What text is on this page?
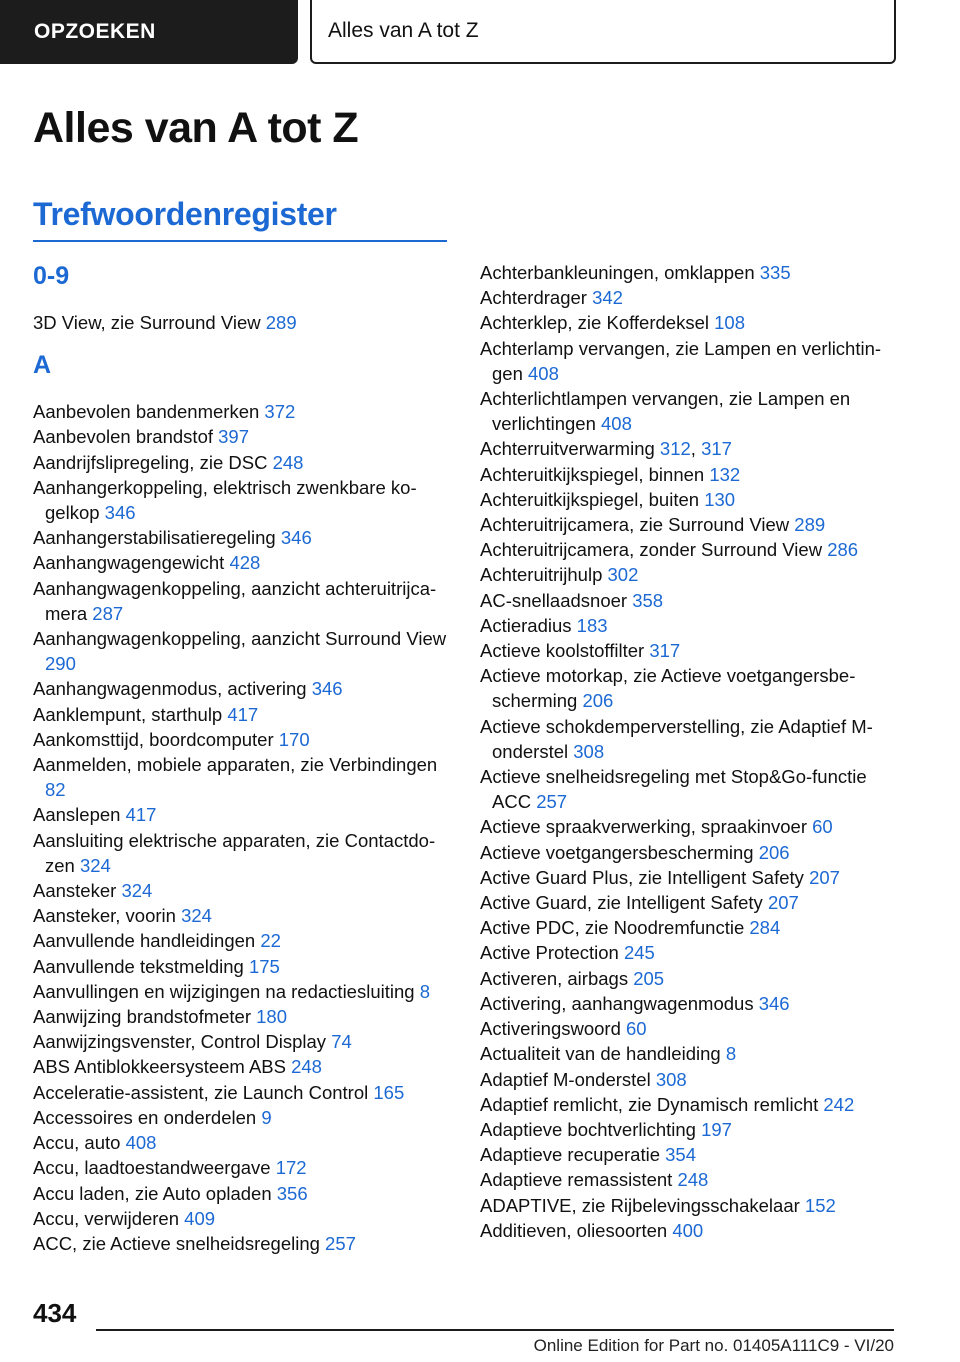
OPZOEKEN	Alles van A tot Z
Alles van A tot Z
Trefwoordenregister
0-9
3D View, zie Surround View 289
A
Aanbevolen bandenmerken 372
Aanbevolen brandstof 397
Aandrijfslipregeling, zie DSC 248
Aanhangerkoppeling, elektrisch zwenkbare kogelkop 346
Aanhangerstabilisatieregeling 346
Aanhangwagengewicht 428
Aanhangwagenkoppeling, aanzicht achteruitrijcamera 287
Aanhangwagenkoppeling, aanzicht Surround View 290
Aanhangwagenmodus, activering 346
Aanklempunt, starthulp 417
Aankomsttijd, boordcomputer 170
Aanmelden, mobiele apparaten, zie Verbindingen 82
Aanslepen 417
Aansluiting elektrische apparaten, zie Contactdozen 324
Aansteker 324
Aansteker, voorin 324
Aanvullende handleidingen 22
Aanvullende tekstmelding 175
Aanvullingen en wijzigingen na redactiesluiting 8
Aanwijzing brandstofmeter 180
Aanwijzingsvenster, Control Display 74
ABS Antiblokkeersysteem ABS 248
Acceleratie-assistent, zie Launch Control 165
Accessoires en onderdelen 9
Accu, auto 408
Accu, laadtoestandweergave 172
Accu laden, zie Auto opladen 356
Accu, verwijderen 409
ACC, zie Actieve snelheidsregeling 257
Achterbankleuningen, omklappen 335
Achterdrager 342
Achterklep, zie Kofferdeksel 108
Achterlamp vervangen, zie Lampen en verlichtingen 408
Achterlichtlampen vervangen, zie Lampen en verlichtingen 408
Achterruitverwarming 312, 317
Achteruitkijkspiegel, binnen 132
Achteruitkijkspiegel, buiten 130
Achteruitrijcamera, zie Surround View 289
Achteruitrijcamera, zonder Surround View 286
Achteruitrijhulp 302
AC-snellaadsnoer 358
Actieradius 183
Actieve koolstoffilter 317
Actieve motorkap, zie Actieve voetgangersbescherming 206
Actieve schokdemperverstelling, zie Adaptief M-onderstel 308
Actieve snelheidsregeling met Stop&Go-functie ACC 257
Actieve spraakverwerking, spraakinvoer 60
Actieve voetgangersbescherming 206
Active Guard Plus, zie Intelligent Safety 207
Active Guard, zie Intelligent Safety 207
Active PDC, zie Noodremfunctie 284
Active Protection 245
Activeren, airbags 205
Activering, aanhangwagenmodus 346
Activeringswoord 60
Actualiteit van de handleiding 8
Adaptief M-onderstel 308
Adaptief remlicht, zie Dynamisch remlicht 242
Adaptieve bochtverlichting 197
Adaptieve recuperatie 354
Adaptieve remassistent 248
ADAPTIVE, zie Rijbelevingsschakelaar 152
Additieven, oliesoorten 400
434
Online Edition for Part no. 01405A111C9 - VI/20
